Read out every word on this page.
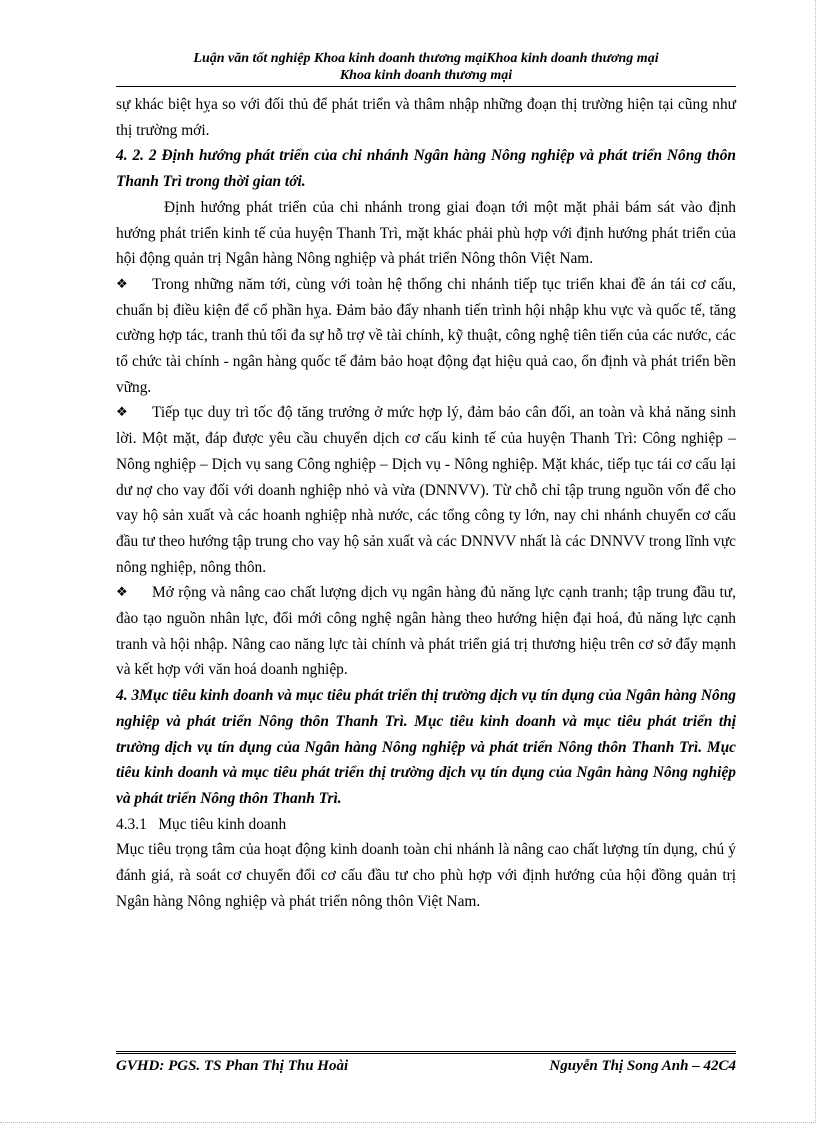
Luận văn tốt nghiệp Khoa kinh doanh thương mạiKhoa kinh doanh thương mại
Khoa kinh doanh thương mại

sự khác biệt hỵa so với đối thủ để phát triển và thâm nhập những đoạn thị trường hiện tại cũng như thị trường mới.

4. 2. 2 Định hướng phát triển của chi nhánh Ngân hàng Nông nghiệp và phát triển Nông thôn Thanh Trì trong thời gian tới.

Định hướng phát triển của chi nhánh trong giai đoạn tới một mặt phải bám sát vào định hướng phát triển kinh tế của huyện Thanh Trì, mặt khác phải phù hợp với định hướng phát triển của hội động quản trị Ngân hàng Nông nghiệp và phát triển Nông thôn Việt Nam.

❖ Trong những năm tới, cùng với toàn hệ thống chi nhánh tiếp tục triển khai đề án tái cơ cấu, chuẩn bị điều kiện để cổ phần hỵa. Đảm bảo đẩy nhanh tiến trình hội nhập khu vực và quốc tế, tăng cường hợp tác, tranh thủ tối đa sự hỗ trợ về tài chính, kỹ thuật, công nghệ tiên tiến của các nước, các tổ chức tài chính - ngân hàng quốc tế đảm bảo hoạt động đạt hiệu quả cao, ổn định và phát triển bền vững.

❖ Tiếp tục duy trì tốc độ tăng trưởng ở mức hợp lý, đảm bảo cân đối, an toàn và khả năng sinh lời. Một mặt, đáp được yêu cầu chuyển dịch cơ cấu kinh tế của huyện Thanh Trì: Công nghiệp – Nông nghiệp – Dịch vụ sang Công nghiệp – Dịch vụ - Nông nghiệp. Mặt khác, tiếp tục tái cơ cấu lại dư nợ cho vay đối với doanh nghiệp nhỏ và vừa (DNNVV). Từ chỗ chỉ tập trung nguồn vốn để cho vay hộ sản xuất và các hoanh nghiệp nhà nước, các tổng công ty lớn, nay chi nhánh chuyển cơ cấu đầu tư theo hướng tập trung cho vay hộ sản xuất và các DNNVV nhất là các DNNVV trong lĩnh vực nông nghiệp, nông thôn.

❖ Mở rộng và nâng cao chất lượng dịch vụ ngân hàng đủ năng lực cạnh tranh; tập trung đầu tư, đào tạo nguồn nhân lực, đổi mới công nghệ ngân hàng theo hướng hiện đại hoá, đủ năng lực cạnh tranh và hội nhập. Nâng cao năng lực tài chính và phát triển giá trị thương hiệu trên cơ sở đẩy mạnh và kết hợp với văn hoá doanh nghiệp.

4. 3Mục tiêu kinh doanh và mục tiêu phát triển thị trường dịch vụ tín dụng của Ngân hàng Nông nghiệp và phát triển Nông thôn Thanh Trì. Mục tiêu kinh doanh và mục tiêu phát triển thị trường dịch vụ tín dụng của Ngân hàng Nông nghiệp và phát triển Nông thôn Thanh Trì. Mục tiêu kinh doanh và mục tiêu phát triển thị trường dịch vụ tín dụng của Ngân hàng Nông nghiệp và phát triển Nông thôn Thanh Trì.

4.3.1 Mục tiêu kinh doanh

Mục tiêu trọng tâm của hoạt động kinh doanh toàn chi nhánh là nâng cao chất lượng tín dụng, chú ý đánh giá, rà soát cơ chuyển đổi cơ cấu đầu tư cho phù hợp với định hướng của hội đồng quản trị Ngân hàng Nông nghiệp và phát triển nông thôn Việt Nam.

GVHD: PGS. TS Phan Thị Thu Hoài	Nguyễn Thị Song Anh – 42C4
